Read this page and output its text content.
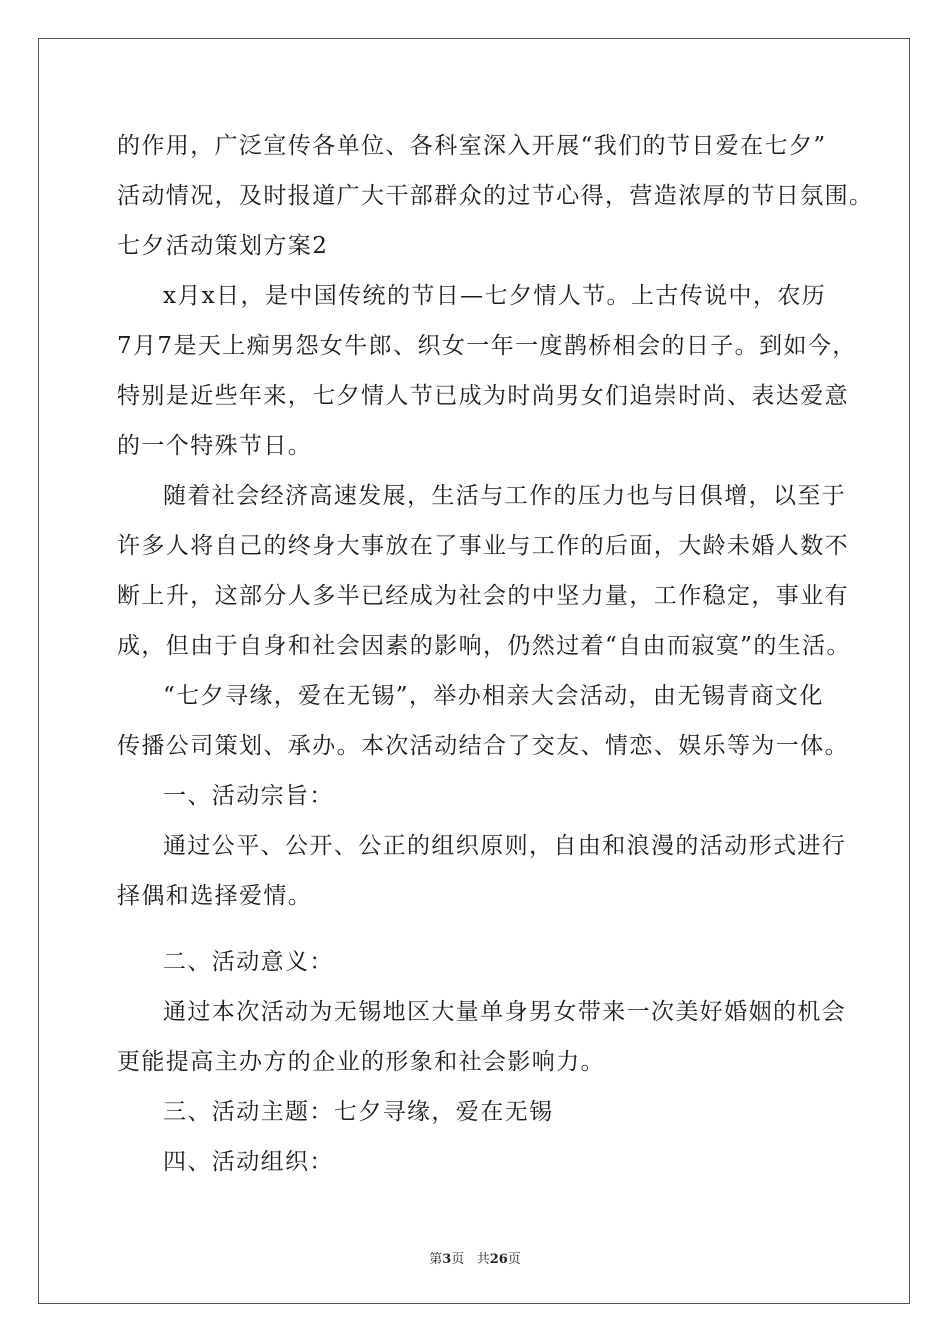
的作用，广泛宣传各单位、各科室深入开展“我们的节日爱在七夕”
活动情况，及时报道广大干部群众的过节心得，营造浓厚的节日氛围。
七夕活动策划方案2
x月x日，是中国传统的节日—七夕情人节。上古传说中，农历
7月7是天上痴男怨女牛郎、织女一年一度鹊桥相会的日子。到如今，
特别是近些年来，七夕情人节已成为时尚男女们追崇时尚、表达爱意
的一个特殊节日。
随着社会经济高速发展，生活与工作的压力也与日俱增，以至于
许多人将自己的终身大事放在了事业与工作的后面，大龄未婚人数不
断上升，这部分人多半已经成为社会的中坚力量，工作稳定，事业有
成，但由于自身和社会因素的影响，仍然过着“自由而寂寞”的生活。
“七夕寻缘，爱在无锡”，举办相亲大会活动，由无锡青商文化
传播公司策划、承办。本次活动结合了交友、情恋、娱乐等为一体。
一、活动宗旨：
通过公平、公开、公正的组织原则，自由和浪漫的活动形式进行
择偶和选择爱情。
二、活动意义：
通过本次活动为无锡地区大量单身男女带来一次美好婚姻的机会
更能提高主办方的企业的形象和社会影响力。
三、活动主题：七夕寻缘，爱在无锡
四、活动组织：
第3页 共26页
